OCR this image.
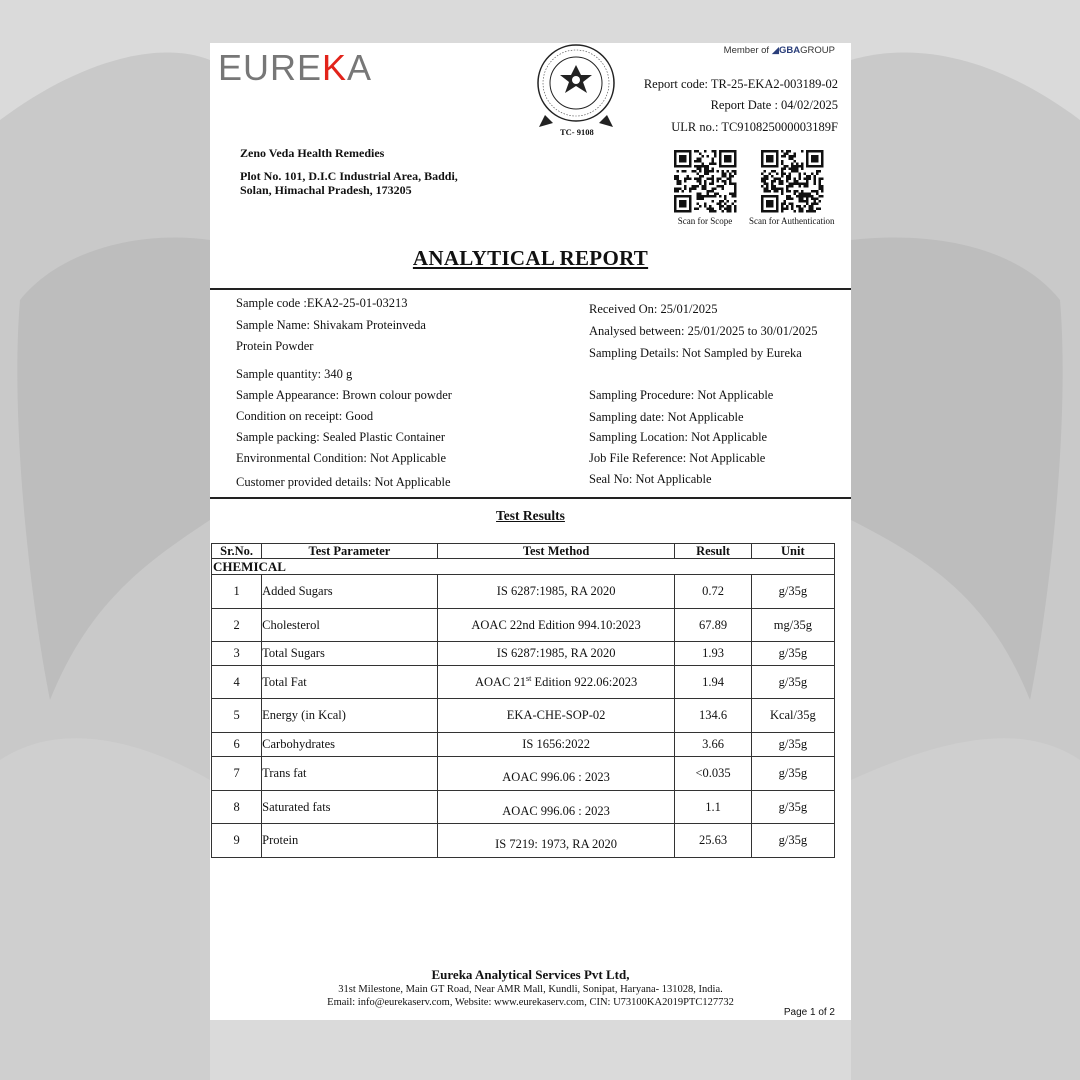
EUREKA	Member of ◢GBAGROUP
TC- 9108
Report code: TR-25-EKA2-003189-02
Report Date : 04/02/2025
ULR no.: TC910825000003189F
Zeno Veda Health Remedies
Plot No. 101, D.I.C Industrial Area, Baddi,
Solan, Himachal Pradesh, 173205
Scan for Scope	Scan for Authentication
ANALYTICAL REPORT
Sample code :EKA2-25-01-03213
Sample Name: Shivakam Proteinveda
Protein Powder
Sample quantity: 340 g
Sample Appearance: Brown colour powder
Condition on receipt: Good
Sample packing: Sealed Plastic Container
Environmental Condition: Not Applicable
Customer provided details: Not Applicable
Received On: 25/01/2025
Analysed between: 25/01/2025 to 30/01/2025
Sampling Details: Not Sampled by Eureka
Sampling Procedure: Not Applicable
Sampling date: Not Applicable
Sampling Location: Not Applicable
Job File Reference: Not Applicable
Seal No: Not Applicable
Test Results
Sr.No.	Test Parameter	Test Method	Result	Unit
CHEMICAL				
1	Added Sugars	IS 6287:1985, RA 2020	0.72	g/35g
2	Cholesterol	AOAC 22nd Edition 994.10:2023	67.89	mg/35g
3	Total Sugars	IS 6287:1985, RA 2020	1.93	g/35g
4	Total Fat	AOAC 21st Edition 922.06:2023	1.94	g/35g
5	Energy (in Kcal)	EKA-CHE-SOP-02	134.6	Kcal/35g
6	Carbohydrates	IS 1656:2022	3.66	g/35g
7	Trans fat	AOAC 996.06 : 2023	<0.035	g/35g
8	Saturated fats	AOAC 996.06 : 2023	1.1	g/35g
9	Protein	IS 7219: 1973, RA 2020	25.63	g/35g
Eureka Analytical Services Pvt Ltd,
31st Milestone, Main GT Road, Near AMR Mall, Kundli, Sonipat, Haryana- 131028, India.
Email: info@eurekaserv.com, Website: www.eurekaserv.com, CIN: U73100KA2019PTC127732
Page 1 of 2
